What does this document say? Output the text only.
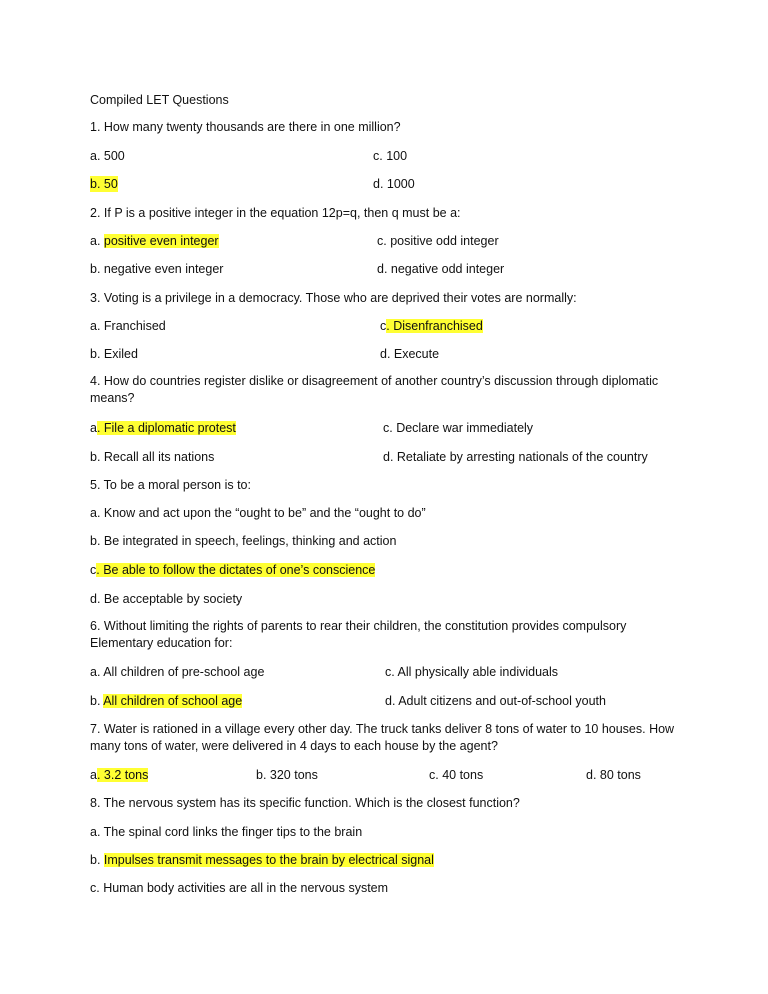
Compiled LET Questions
1. How many twenty thousands are there in one million?
a. 500	c. 100
b. 50	d. 1000
2. If P is a positive integer in the equation 12p=q, then q must be a:
a. positive even integer	c. positive odd integer
b. negative even integer	d. negative odd integer
3. Voting is a privilege in a democracy. Those who are deprived their votes are normally:
a. Franchised	c. Disenfranchised
b. Exiled	d. Execute
4. How do countries register dislike or disagreement of another country’s discussion through diplomatic means?
a. File a diplomatic protest	c. Declare war immediately
b. Recall all its nations	d. Retaliate by arresting nationals of the country
5. To be a moral person is to:
a. Know and act upon the “ought to be” and the “ought to do”
b. Be integrated in speech, feelings, thinking and action
c. Be able to follow the dictates of one’s conscience
d. Be acceptable by society
6. Without limiting the rights of parents to rear their children, the constitution provides compulsory Elementary education for:
a. All children of pre-school age	c. All physically able individuals
b. All children of school age	d. Adult citizens and out-of-school youth
7. Water is rationed in a village every other day. The truck tanks deliver 8 tons of water to 10 houses. How many tons of water, were delivered in 4 days to each house by the agent?
a. 3.2 tons	b. 320 tons	c. 40 tons	d. 80 tons
8. The nervous system has its specific function. Which is the closest function?
a. The spinal cord links the finger tips to the brain
b. Impulses transmit messages to the brain by electrical signal
c. Human body activities are all in the nervous system
